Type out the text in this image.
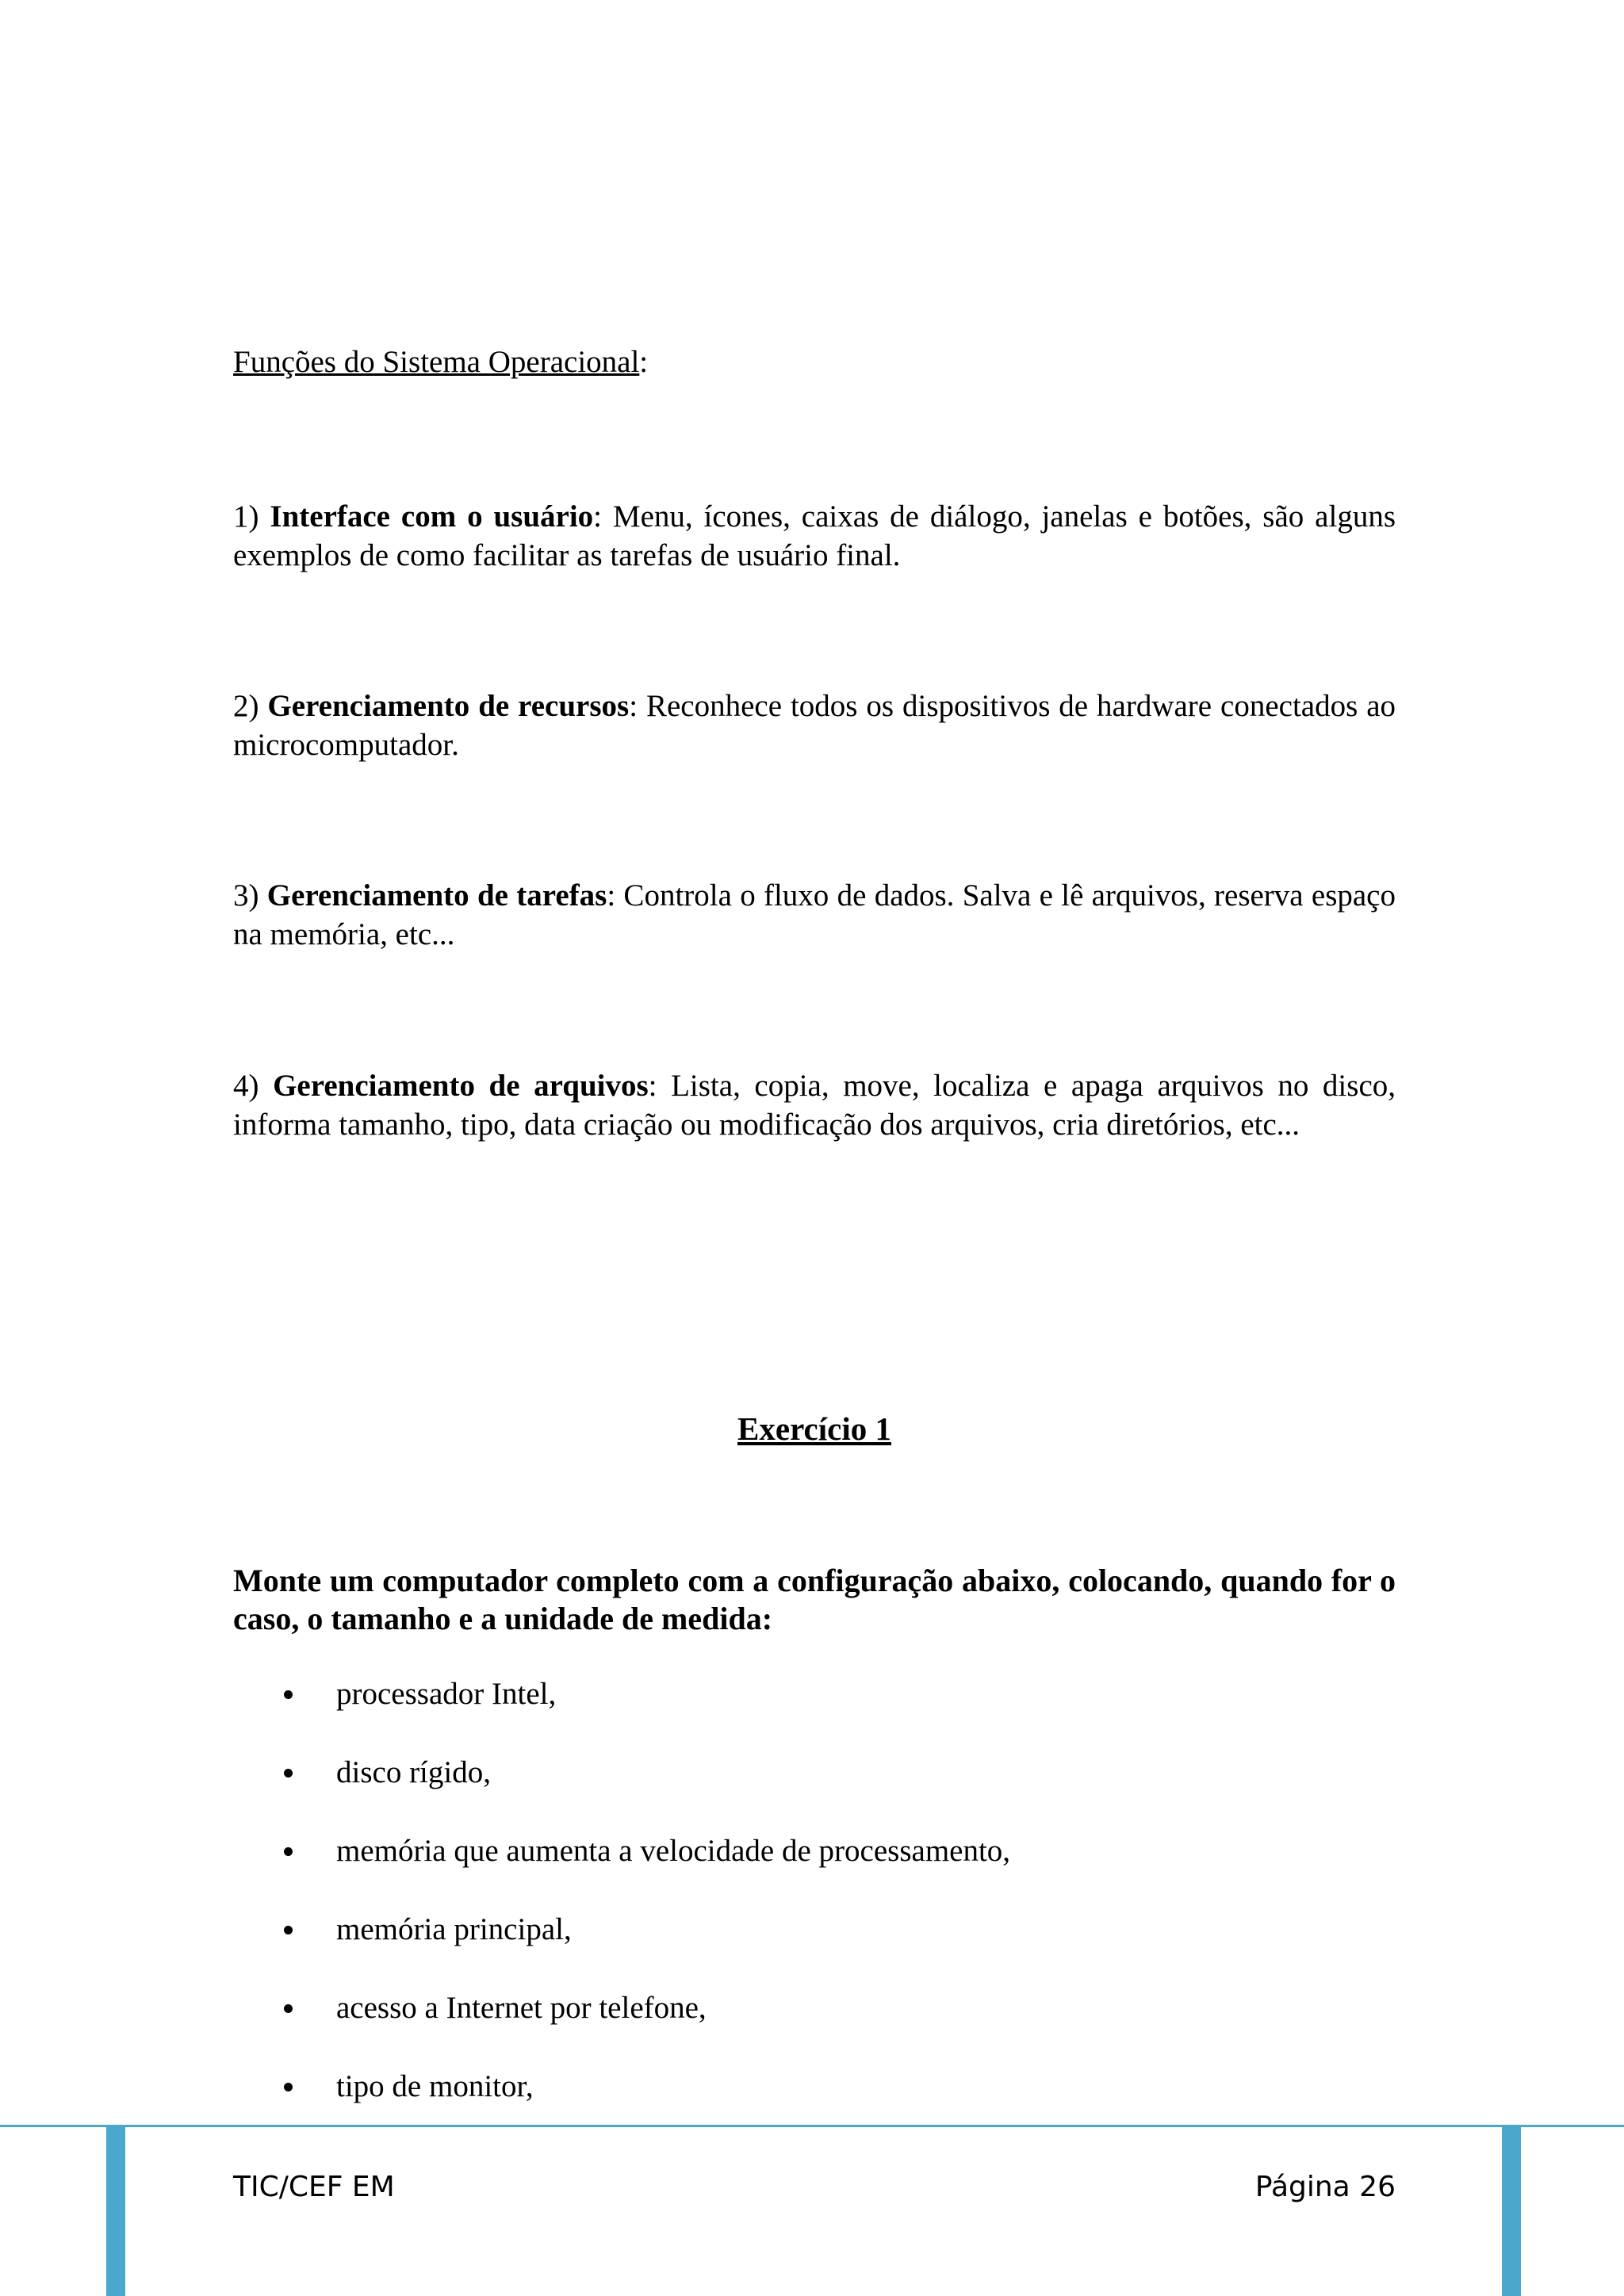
Funções do Sistema Operacional:

1) Interface com o usuário: Menu, ícones, caixas de diálogo, janelas e botões, são alguns exemplos de como facilitar as tarefas de usuário final.

2) Gerenciamento de recursos: Reconhece todos os dispositivos de hardware conectados ao microcomputador.

3) Gerenciamento de tarefas: Controla o fluxo de dados. Salva e lê arquivos, reserva espaço na memória, etc...

4) Gerenciamento de arquivos: Lista, copia, move, localiza e apaga arquivos no disco, informa tamanho, tipo, data criação ou modificação dos arquivos, cria diretórios, etc...

Exercício 1

Monte um computador completo com a configuração abaixo, colocando, quando for o caso, o tamanho e a unidade de medida:

processador Intel,
disco rígido,
memória que aumenta a velocidade de processamento,
memória principal,
acesso a Internet por telefone,
tipo de monitor,
TIC/CEF EM	Página 26
